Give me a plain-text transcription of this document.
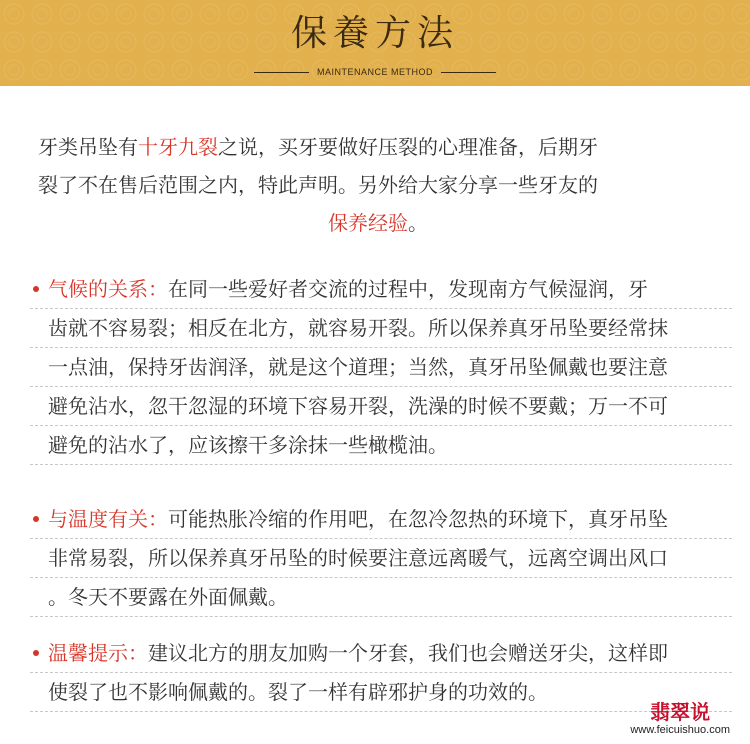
保養方法
MAINTENANCE METHOD
牙类吊坠有十牙九裂之说，买牙要做好压裂的心理准备，后期牙
裂了不在售后范围之内，特此声明。另外给大家分享一些牙友的
保养经验。
气候的关系：在同一些爱好者交流的过程中，发现南方气候湿润，牙
齿就不容易裂；相反在北方，就容易开裂。所以保养真牙吊坠要经常抹
一点油，保持牙齿润泽，就是这个道理；当然，真牙吊坠佩戴也要注意
避免沾水，忽干忽湿的环境下容易开裂，洗澡的时候不要戴；万一不可
避免的沾水了，应该擦干多涂抹一些橄榄油。
与温度有关：可能热胀冷缩的作用吧，在忽冷忽热的环境下，真牙吊坠
非常易裂，所以保养真牙吊坠的时候要注意远离暖气，远离空调出风口
。冬天不要露在外面佩戴。
温馨提示：建议北方的朋友加购一个牙套，我们也会赠送牙尖，这样即
使裂了也不影响佩戴的。裂了一样有辟邪护身的功效的。
翡翠说
www.feicuishuo.com
